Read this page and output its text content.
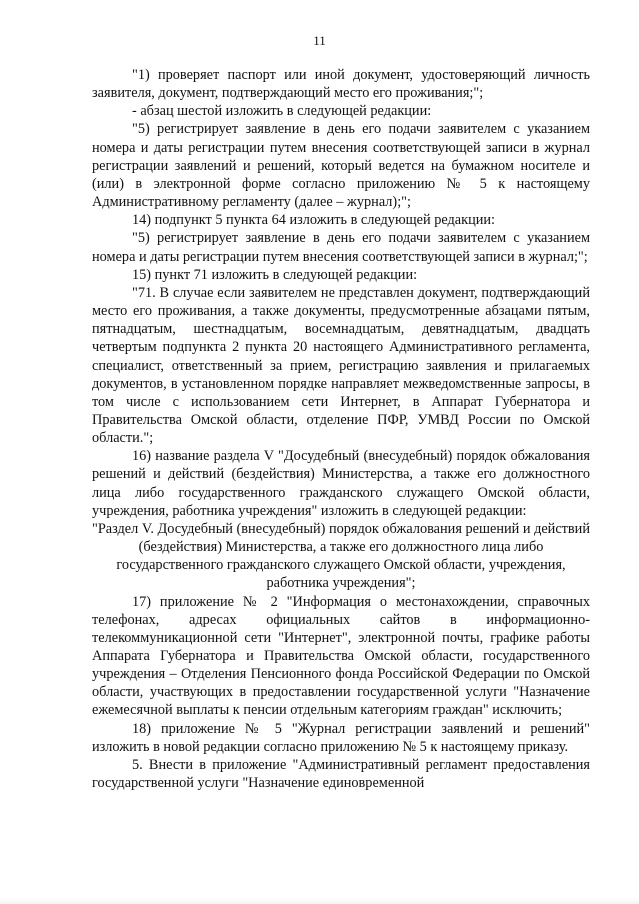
11

"1) проверяет паспорт или иной документ, удостоверяющий личность заявителя, документ, подтверждающий место его проживания;";

- абзац шестой изложить в следующей редакции:

"5) регистрирует заявление в день его подачи заявителем с указанием номера и даты регистрации путем внесения соответствующей записи в журнал регистрации заявлений и решений, который ведется на бумажном носителе и (или) в электронной форме согласно приложению № 5 к настоящему Административному регламенту (далее – журнал);";

14) подпункт 5 пункта 64 изложить в следующей редакции:

"5) регистрирует заявление в день его подачи заявителем с указанием номера и даты регистрации путем внесения соответствующей записи в журнал;";

15) пункт 71 изложить в следующей редакции:

"71. В случае если заявителем не представлен документ, подтверждающий место его проживания, а также документы, предусмотренные абзацами пятым, пятнадцатым, шестнадцатым, восемнадцатым, девятнадцатым, двадцать четвертым подпункта 2 пункта 20 настоящего Административного регламента, специалист, ответственный за прием, регистрацию заявления и прилагаемых документов, в установленном порядке направляет межведомственные запросы, в том числе с использованием сети Интернет, в Аппарат Губернатора и Правительства Омской области, отделение ПФР, УМВД России по Омской области.";

16) название раздела V "Досудебный (внесудебный) порядок обжалования решений и действий (бездействия) Министерства, а также его должностного лица либо государственного гражданского служащего Омской области, учреждения, работника учреждения" изложить в следующей редакции:

"Раздел V. Досудебный (внесудебный) порядок обжалования решений и действий (бездействия) Министерства, а также его должностного лица либо государственного гражданского служащего Омской области, учреждения, работника учреждения";

17) приложение № 2 "Информация о местонахождении, справочных телефонах, адресах официальных сайтов в информационно-телекоммуникационной сети "Интернет", электронной почты, графике работы Аппарата Губернатора и Правительства Омской области, государственного учреждения – Отделения Пенсионного фонда Российской Федерации по Омской области, участвующих в предоставлении государственной услуги "Назначение ежемесячной выплаты к пенсии отдельным категориям граждан" исключить;

18) приложение № 5 "Журнал регистрации заявлений и решений" изложить в новой редакции согласно приложению № 5 к настоящему приказу.

5. Внести в приложение "Административный регламент предоставления государственной услуги "Назначение единовременной
